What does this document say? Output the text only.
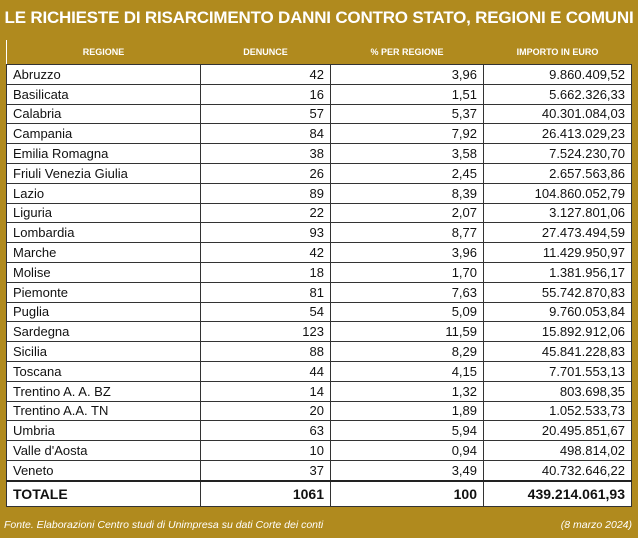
LE RICHIESTE DI RISARCIMENTO DANNI CONTRO STATO, REGIONI E COMUNI
REGIONE	DENUNCE	% PER REGIONE	IMPORTO IN EURO
Abruzzo	42	3,96	9.860.409,52
Basilicata	16	1,51	5.662.326,33
Calabria	57	5,37	40.301.084,03
Campania	84	7,92	26.413.029,23
Emilia Romagna	38	3,58	7.524.230,70
Friuli Venezia Giulia	26	2,45	2.657.563,86
Lazio	89	8,39	104.860.052,79
Liguria	22	2,07	3.127.801,06
Lombardia	93	8,77	27.473.494,59
Marche	42	3,96	11.429.950,97
Molise	18	1,70	1.381.956,17
Piemonte	81	7,63	55.742.870,83
Puglia	54	5,09	9.760.053,84
Sardegna	123	11,59	15.892.912,06
Sicilia	88	8,29	45.841.228,83
Toscana	44	4,15	7.701.553,13
Trentino A. A. BZ	14	1,32	803.698,35
Trentino A.A. TN	20	1,89	1.052.533,73
Umbria	63	5,94	20.495.851,67
Valle d'Aosta	10	0,94	498.814,02
Veneto	37	3,49	40.732.646,22
TOTALE	1061	100	439.214.061,93
Fonte. Elaborazioni Centro studi di Unimpresa su dati Corte dei conti	(8 marzo 2024)
